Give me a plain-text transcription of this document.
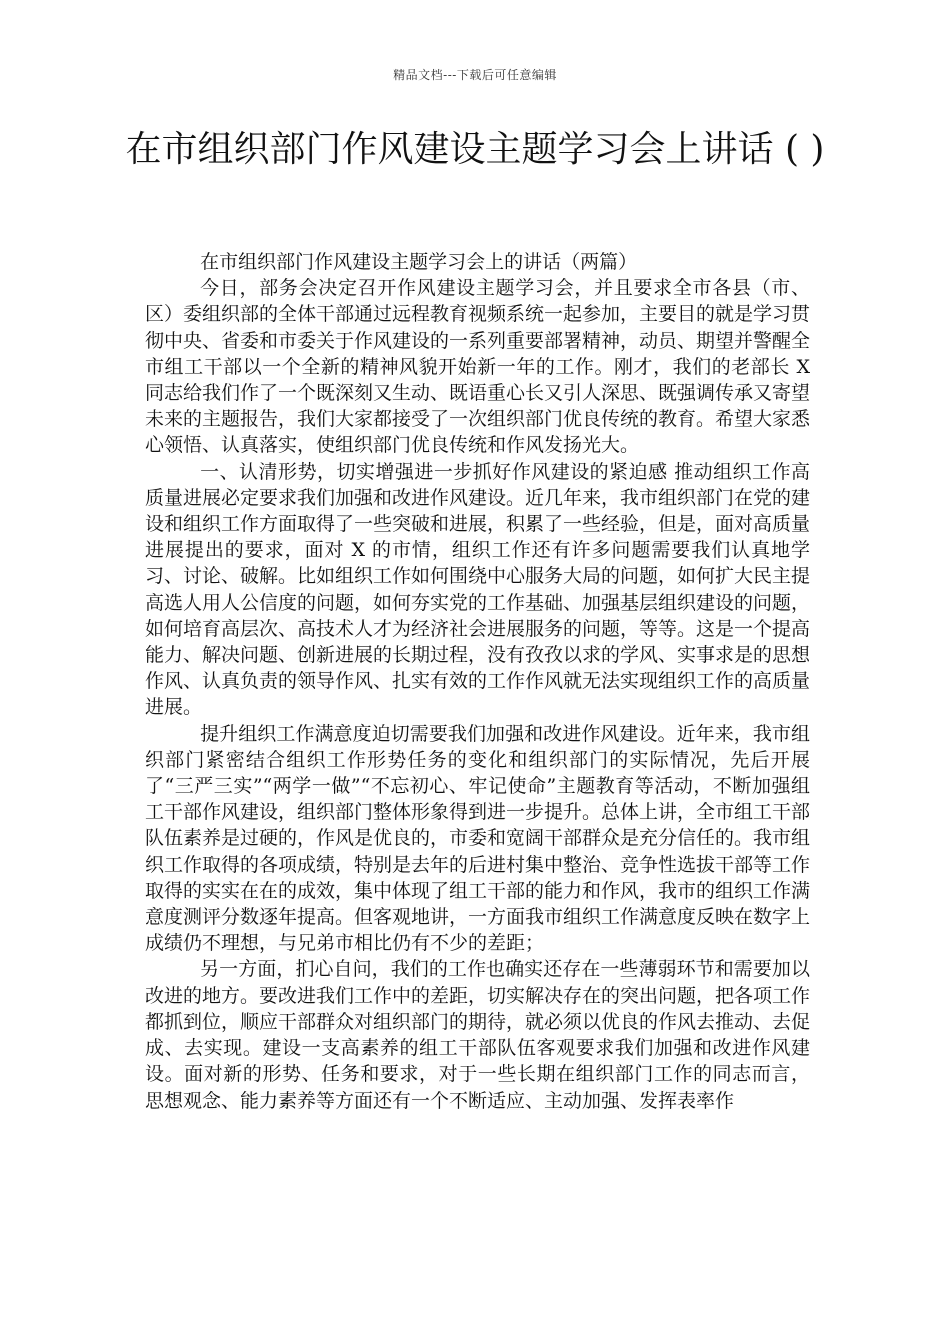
精品文档---下载后可任意编辑
在市组织部门作风建设主题学习会上讲话 ( )

在市组织部门作风建设主题学习会上的讲话（两篇）

今日，部务会决定召开作风建设主题学习会，并且要求全市各县（市、区）委组织部的全体干部通过远程教育视频系统一起参加，主要目的就是学习贯彻中央、省委和市委关于作风建设的一系列重要部署精神，动员、期望并警醒全市组工干部以一个全新的精神风貌开始新一年的工作。刚才，我们的老部长 X 同志给我们作了一个既深刻又生动、既语重心长又引人深思、既强调传承又寄望未来的主题报告，我们大家都接受了一次组织部门优良传统的教育。希望大家悉心领悟、认真落实，使组织部门优良传统和作风发扬光大。

一、认清形势，切实增强进一步抓好作风建设的紧迫感 推动组织工作高质量进展必定要求我们加强和改进作风建设。近几年来，我市组织部门在党的建设和组织工作方面取得了一些突破和进展，积累了一些经验，但是，面对高质量进展提出的要求，面对 X 的市情，组织工作还有许多问题需要我们认真地学习、讨论、破解。比如组织工作如何围绕中心服务大局的问题，如何扩大民主提高选人用人公信度的问题，如何夯实党的工作基础、加强基层组织建设的问题，如何培育高层次、高技术人才为经济社会进展服务的问题，等等。这是一个提高能力、解决问题、创新进展的长期过程，没有孜孜以求的学风、实事求是的思想作风、认真负责的领导作风、扎实有效的工作作风就无法实现组织工作的高质量进展。

提升组织工作满意度迫切需要我们加强和改进作风建设。近年来，我市组织部门紧密结合组织工作形势任务的变化和组织部门的实际情况，先后开展了“三严三实”“两学一做”“不忘初心、牢记使命”主题教育等活动，不断加强组工干部作风建设，组织部门整体形象得到进一步提升。总体上讲，全市组工干部队伍素养是过硬的，作风是优良的，市委和宽阔干部群众是充分信任的。我市组织工作取得的各项成绩，特别是去年的后进村集中整治、竞争性选拔干部等工作取得的实实在在的成效，集中体现了组工干部的能力和作风，我市的组织工作满意度测评分数逐年提高。但客观地讲，一方面我市组织工作满意度反映在数字上成绩仍不理想，与兄弟市相比仍有不少的差距；

另一方面，扪心自问，我们的工作也确实还存在一些薄弱环节和需要加以改进的地方。要改进我们工作中的差距，切实解决存在的突出问题，把各项工作都抓到位，顺应干部群众对组织部门的期待，就必须以优良的作风去推动、去促成、去实现。建设一支高素养的组工干部队伍客观要求我们加强和改进作风建设。面对新的形势、任务和要求，对于一些长期在组织部门工作的同志而言， 思想观念、能力素养等方面还有一个不断适应、主动加强、发挥表率作
